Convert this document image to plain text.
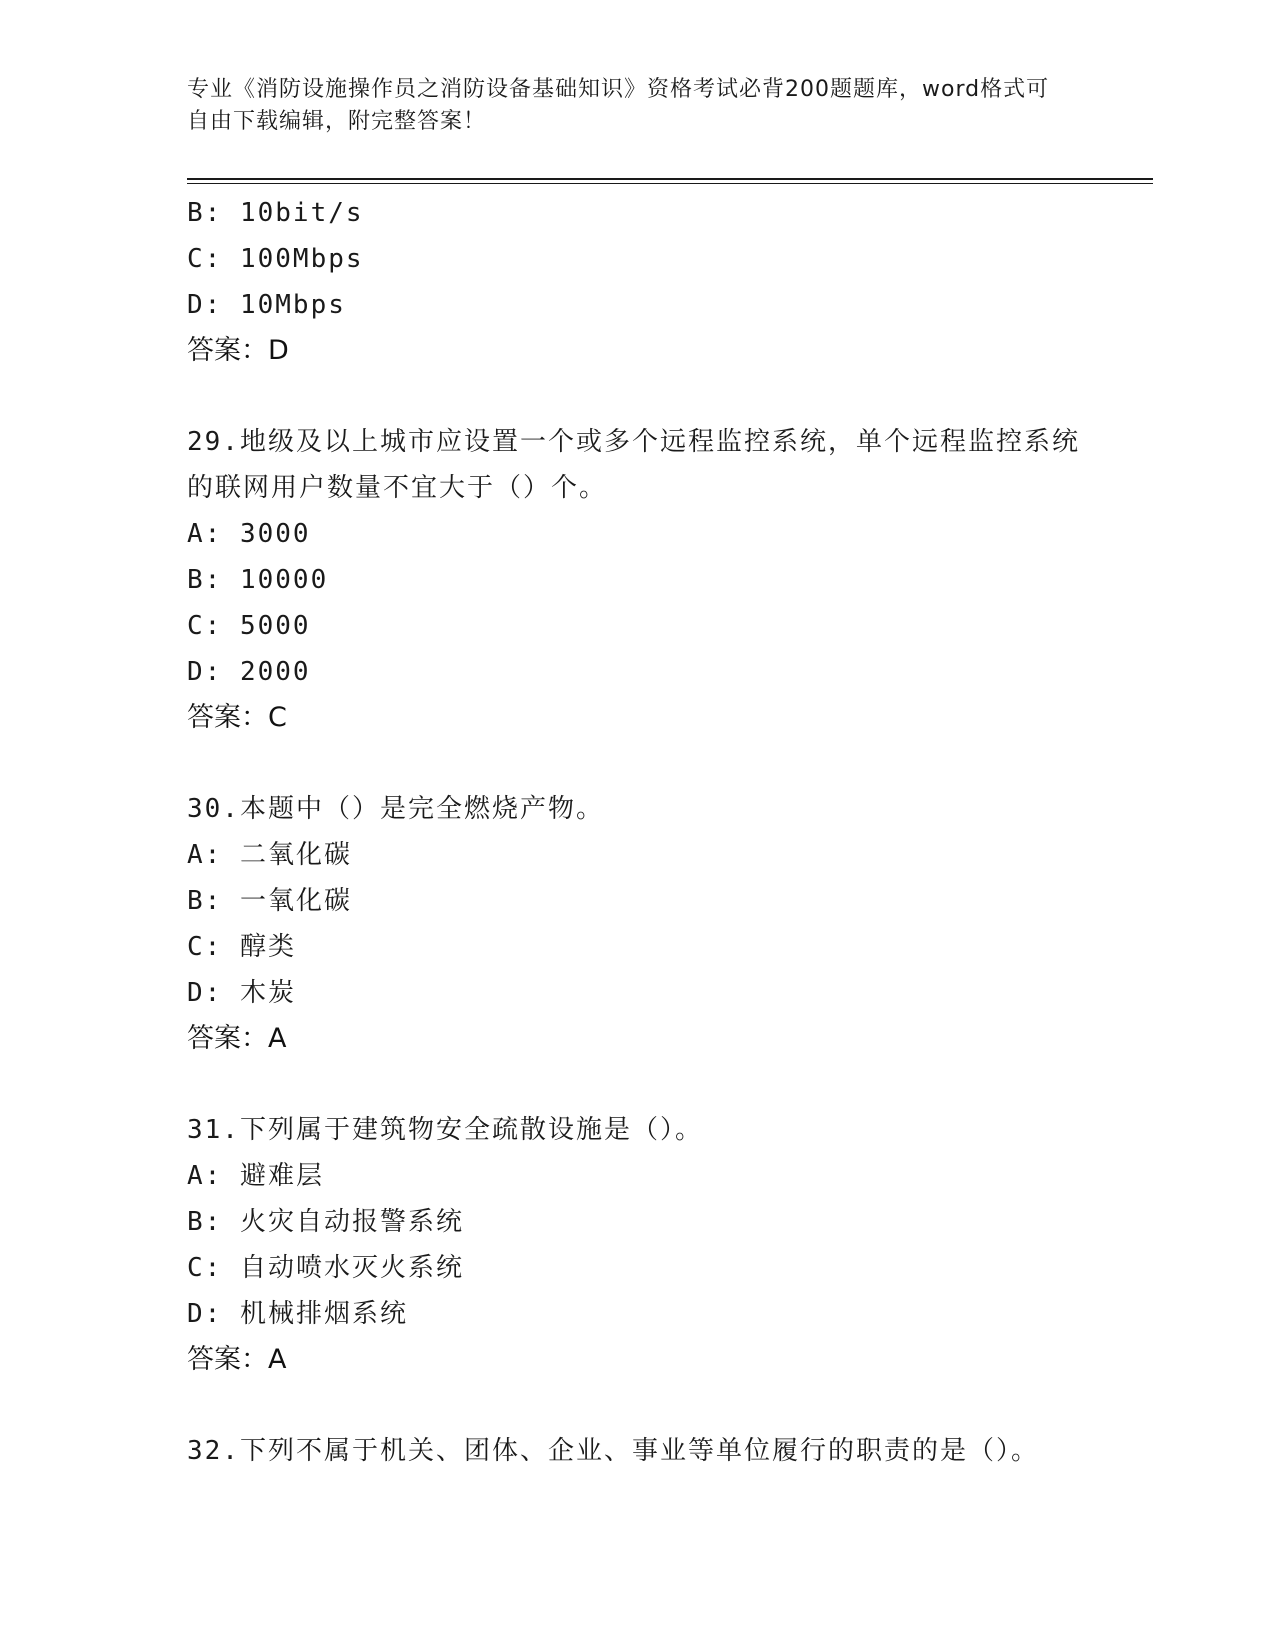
专业《消防设施操作员之消防设备基础知识》资格考试必背200题题库，word格式可自由下载编辑，附完整答案！
B: 10bit/s
C: 100Mbps
D: 10Mbps
答案：D
29.地级及以上城市应设置一个或多个远程监控系统，单个远程监控系统的联网用户数量不宜大于（）个。
A: 3000
B: 10000
C: 5000
D: 2000
答案：C
30.本题中（）是完全燃烧产物。
A: 二氧化碳
B: 一氧化碳
C: 醇类
D: 木炭
答案：A
31.下列属于建筑物安全疏散设施是（）。
A: 避难层
B: 火灾自动报警系统
C: 自动喷水灭火系统
D: 机械排烟系统
答案：A
32.下列不属于机关、团体、企业、事业等单位履行的职责的是（）。
